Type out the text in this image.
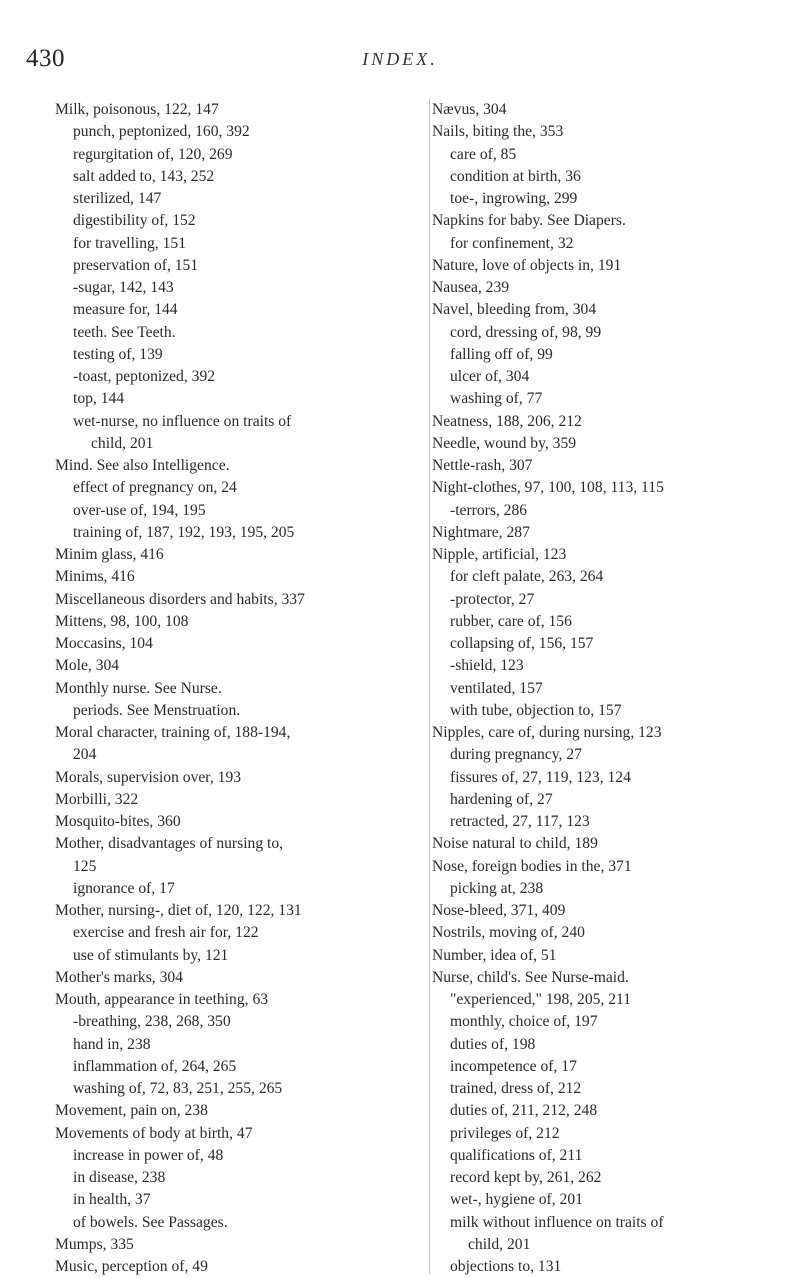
430	INDEX.
Milk, poisonous, 122, 147
punch, peptonized, 160, 392
regurgitation of, 120, 269
salt added to, 143, 252
sterilized, 147
digestibility of, 152
for travelling, 151
preservation of, 151
-sugar, 142, 143
measure for, 144
teeth. See Teeth.
testing of, 139
-toast, peptonized, 392
top, 144
wet-nurse, no influence on traits of
child, 201
Mind. See also Intelligence.
effect of pregnancy on, 24
over-use of, 194, 195
training of, 187, 192, 193, 195, 205
Minim glass, 416
Minims, 416
Miscellaneous disorders and habits, 337
Mittens, 98, 100, 108
Moccasins, 104
Mole, 304
Monthly nurse. See Nurse.
periods. See Menstruation.
Moral character, training of, 188-194,
204
Morals, supervision over, 193
Morbilli, 322
Mosquito-bites, 360
Mother, disadvantages of nursing to,
125
ignorance of, 17
Mother, nursing-, diet of, 120, 122, 131
exercise and fresh air for, 122
use of stimulants by, 121
Mother's marks, 304
Mouth, appearance in teething, 63
-breathing, 238, 268, 350
hand in, 238
inflammation of, 264, 265
washing of, 72, 83, 251, 255, 265
Movement, pain on, 238
Movements of body at birth, 47
increase in power of, 48
in disease, 238
in health, 37
of bowels. See Passages.
Mumps, 335
Music, perception of, 49
Nævus, 304
Nails, biting the, 353
care of, 85
condition at birth, 36
toe-, ingrowing, 299
Napkins for baby. See Diapers.
for confinement, 32
Nature, love of objects in, 191
Nausea, 239
Navel, bleeding from, 304
cord, dressing of, 98, 99
falling off of, 99
ulcer of, 304
washing of, 77
Neatness, 188, 206, 212
Needle, wound by, 359
Nettle-rash, 307
Night-clothes, 97, 100, 108, 113, 115
-terrors, 286
Nightmare, 287
Nipple, artificial, 123
for cleft palate, 263, 264
-protector, 27
rubber, care of, 156
collapsing of, 156, 157
-shield, 123
ventilated, 157
with tube, objection to, 157
Nipples, care of, during nursing, 123
during pregnancy, 27
fissures of, 27, 119, 123, 124
hardening of, 27
retracted, 27, 117, 123
Noise natural to child, 189
Nose, foreign bodies in the, 371
picking at, 238
Nose-bleed, 371, 409
Nostrils, moving of, 240
Number, idea of, 51
Nurse, child's. See Nurse-maid.
"experienced," 198, 205, 211
monthly, choice of, 197
duties of, 198
incompetence of, 17
trained, dress of, 212
duties of, 211, 212, 248
privileges of, 212
qualifications of, 211
record kept by, 261, 262
wet-, hygiene of, 201
milk without influence on traits of
child, 201
objections to, 131
